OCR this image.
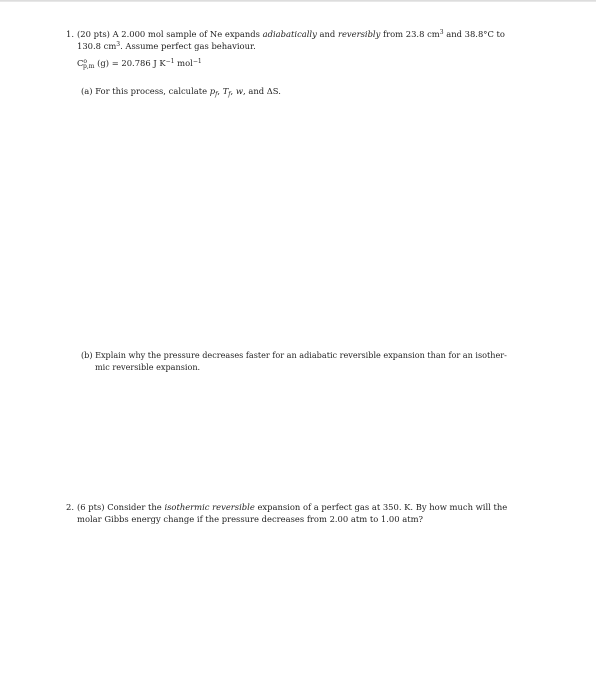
1. (20 pts) A 2.000 mol sample of Ne expands adiabatically and reversibly from 23.8 $cm^3$ and 38.8°C to
130.8 $cm^3$. Assume perfect gas behaviour.
$C^o_{p,m}$ (g) = 20.786 J $K^{-1}$ mol$^{-1}$
(a) For this process, calculate $p_f$, $T_f$, w, and ΔS.
(b) Explain why the pressure decreases faster for an adiabatic reversible expansion than for an isother-
mic reversible expansion.
2. (6 pts) Consider the isothermic reversible expansion of a perfect gas at 350. K. By how much will the
molar Gibbs energy change if the pressure decreases from 2.00 atm to 1.00 atm?
